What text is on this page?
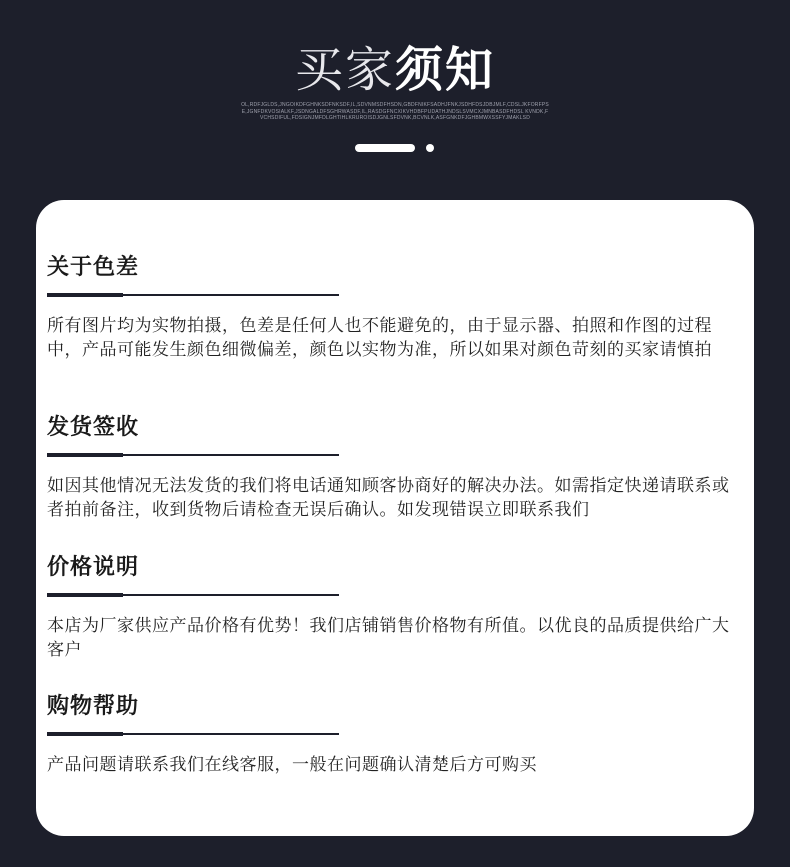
买家须知
OL,RDFJGLDS,JNGOIKDFGHNKSDFNKSDF,IL,SDVNMSDFHSDN,GBDFNIKFSADHJFNKJSDHFDSJDBJMLF,CDSLJKFORFPSE,JGNFDKVOSIALKF,JSDNGALDFSGHRWASDF,IL,RASDGFNCXIKVHDBFPUDATHJNDSLSVMCXJMNBASDFHDSL KVNDK,FVCHSDIFUL,FDSIGNJMFDLGHTIHLKRUROISDJGNLSFDVNK,BCVNLK,ASFGNKDFJGHBMWXSSFYJMAKLSD
关于色差

所有图片均为实物拍摄，色差是任何人也不能避免的，由于显示器、拍照和作图的过程中，产品可能发生颜色细微偏差，颜色以实物为准，所以如果对颜色苛刻的买家请慎拍

发货签收

如因其他情况无法发货的我们将电话通知顾客协商好的解决办法。如需指定快递请联系或者拍前备注，收到货物后请检查无误后确认。如发现错误立即联系我们

价格说明

本店为厂家供应产品价格有优势！我们店铺销售价格物有所值。以优良的品质提供给广大客户

购物帮助

产品问题请联系我们在线客服，一般在问题确认清楚后方可购买
